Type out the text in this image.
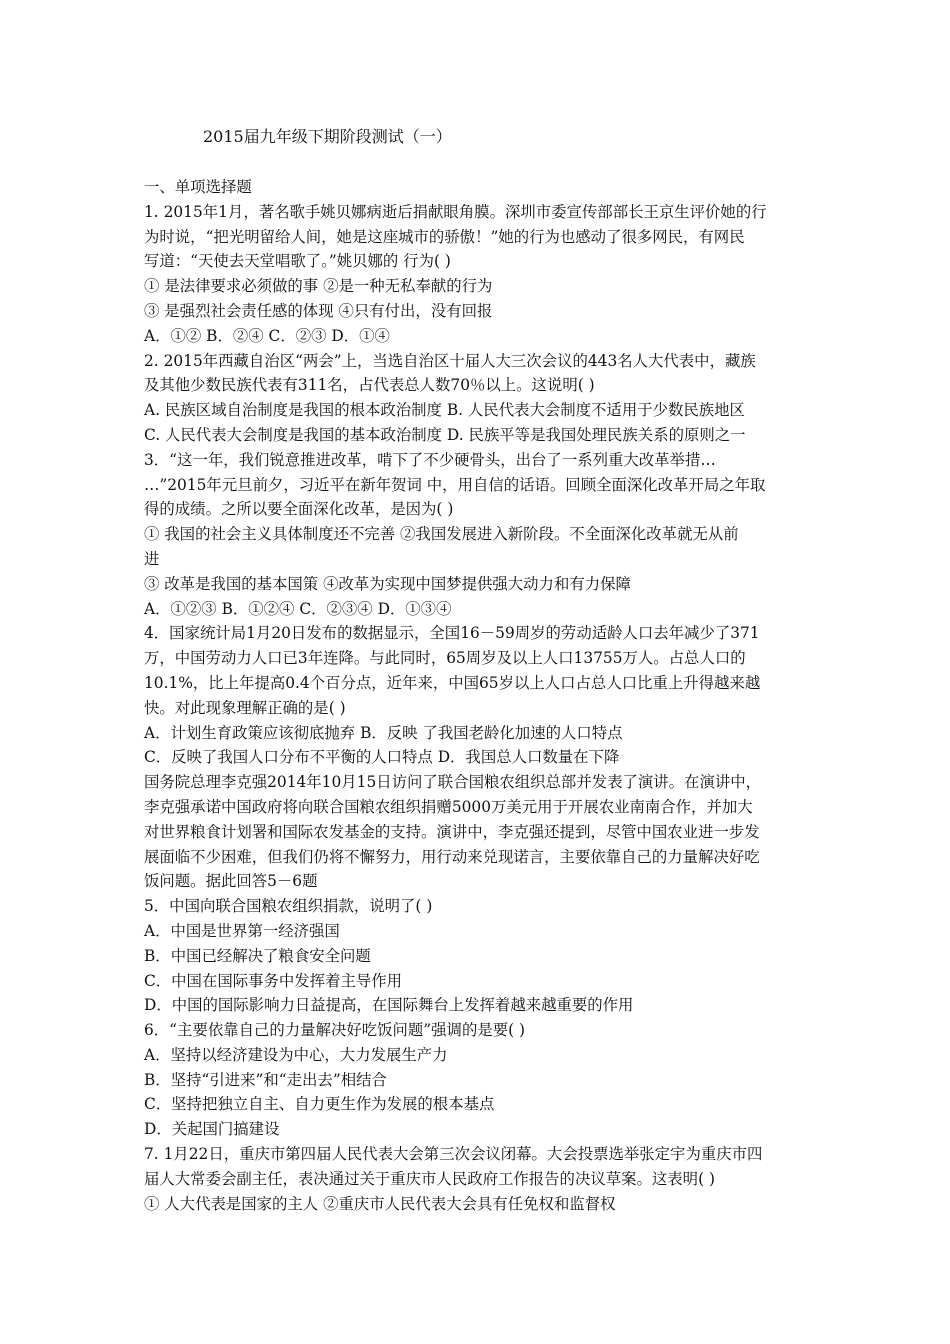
2015届九年级下期阶段测试（一）
一、单项选择题
1. 2015年1月，著名歌手姚贝娜病逝后捐献眼角膜。深圳市委宣传部部长王京生评价她的行
为时说，“把光明留给人间，她是这座城市的骄傲！”她的行为也感动了很多网民，有网民
写道：“天使去天堂唱歌了。”姚贝娜的 行为( )
① 是法律要求必须做的事 ②是一种无私奉献的行为
③ 是强烈社会责任感的体现 ④只有付出，没有回报
A．①② B．②④ C．②③ D．①④
2. 2015年西藏自治区“两会”上，当选自治区十届人大三次会议的443名人大代表中，藏族
及其他少数民族代表有311名，占代表总人数70％以上。这说明( )
A. 民族区域自治制度是我国的根本政治制度 B. 人民代表大会制度不适用于少数民族地区
C. 人民代表大会制度是我国的基本政治制度 D. 民族平等是我国处理民族关系的原则之一
3．“这一年，我们锐意推进改革，啃下了不少硬骨头，出台了一系列重大改革举措…
…”2015年元旦前夕，习近平在新年贺词 中，用自信的话语。回顾全面深化改革开局之年取
得的成绩。之所以要全面深化改革，是因为( )
① 我国的社会主义具体制度还不完善 ②我国发展进入新阶段。不全面深化改革就无从前
进
③ 改革是我国的基本国策 ④改革为实现中国梦提供强大动力和有力保障
A．①②③ B．①②④ C．②③④ D．①③④
4．国家统计局1月20日发布的数据显示，全国16－59周岁的劳动适龄人口去年减少了371
万，中国劳动力人口已3年连降。与此同时，65周岁及以上人口13755万人。占总人口的
10.1%，比上年提高0.4个百分点，近年来，中国65岁以上人口占总人口比重上升得越来越
快。对此现象理解正确的是( )
A．计划生育政策应该彻底抛弃 B．反映 了我国老龄化加速的人口特点
C．反映了我国人口分布不平衡的人口特点 D．我国总人口数量在下降
国务院总理李克强2014年10月15日访问了联合国粮农组织总部并发表了演讲。在演讲中，
李克强承诺中国政府将向联合国粮农组织捐赠5000万美元用于开展农业南南合作，并加大
对世界粮食计划署和国际农发基金的支持。演讲中，李克强还提到，尽管中国农业进一步发
展面临不少困难，但我们仍将不懈努力，用行动来兑现诺言，主要依靠自己的力量解决好吃
饭问题。据此回答5－6题
5．中国向联合国粮农组织捐款，说明了( )
A．中国是世界第一经济强国
B．中国已经解决了粮食安全问题
C．中国在国际事务中发挥着主导作用
D．中国的国际影响力日益提高，在国际舞台上发挥着越来越重要的作用
6．“主要依靠自己的力量解决好吃饭问题”强调的是要( )
A．坚持以经济建设为中心，大力发展生产力
B．坚持“引进来”和“走出去”相结合
C．坚持把独立自主、自力更生作为发展的根本基点
D．关起国门搞建设
7. 1月22日，重庆市第四届人民代表大会第三次会议闭幕。大会投票选举张定宇为重庆市四
届人大常委会副主任，表决通过关于重庆市人民政府工作报告的决议草案。这表明( )
① 人大代表是国家的主人 ②重庆市人民代表大会具有任免权和监督权
